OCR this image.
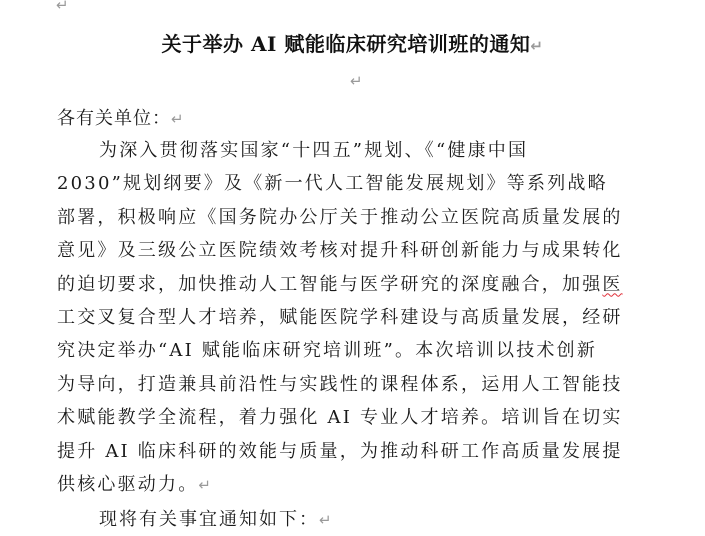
↵
关于举办 AI 赋能临床研究培训班的通知↵
↵
各有关单位：↵
为深入贯彻落实国家“十四五”规划、《“健康中国
2030”规划纲要》及《新一代人工智能发展规划》等系列战略
部署，积极响应《国务院办公厅关于推动公立医院高质量发展的
意见》及三级公立医院绩效考核对提升科研创新能力与成果转化
的迫切要求，加快推动人工智能与医学研究的深度融合，加强医
工交叉复合型人才培养，赋能医院学科建设与高质量发展，经研
究决定举办“AI 赋能临床研究培训班”。本次培训以技术创新
为导向，打造兼具前沿性与实践性的课程体系，运用人工智能技
术赋能教学全流程，着力强化 AI 专业人才培养。培训旨在切实
提升 AI 临床科研的效能与质量，为推动科研工作高质量发展提
供核心驱动力。↵
现将有关事宜通知如下：↵
